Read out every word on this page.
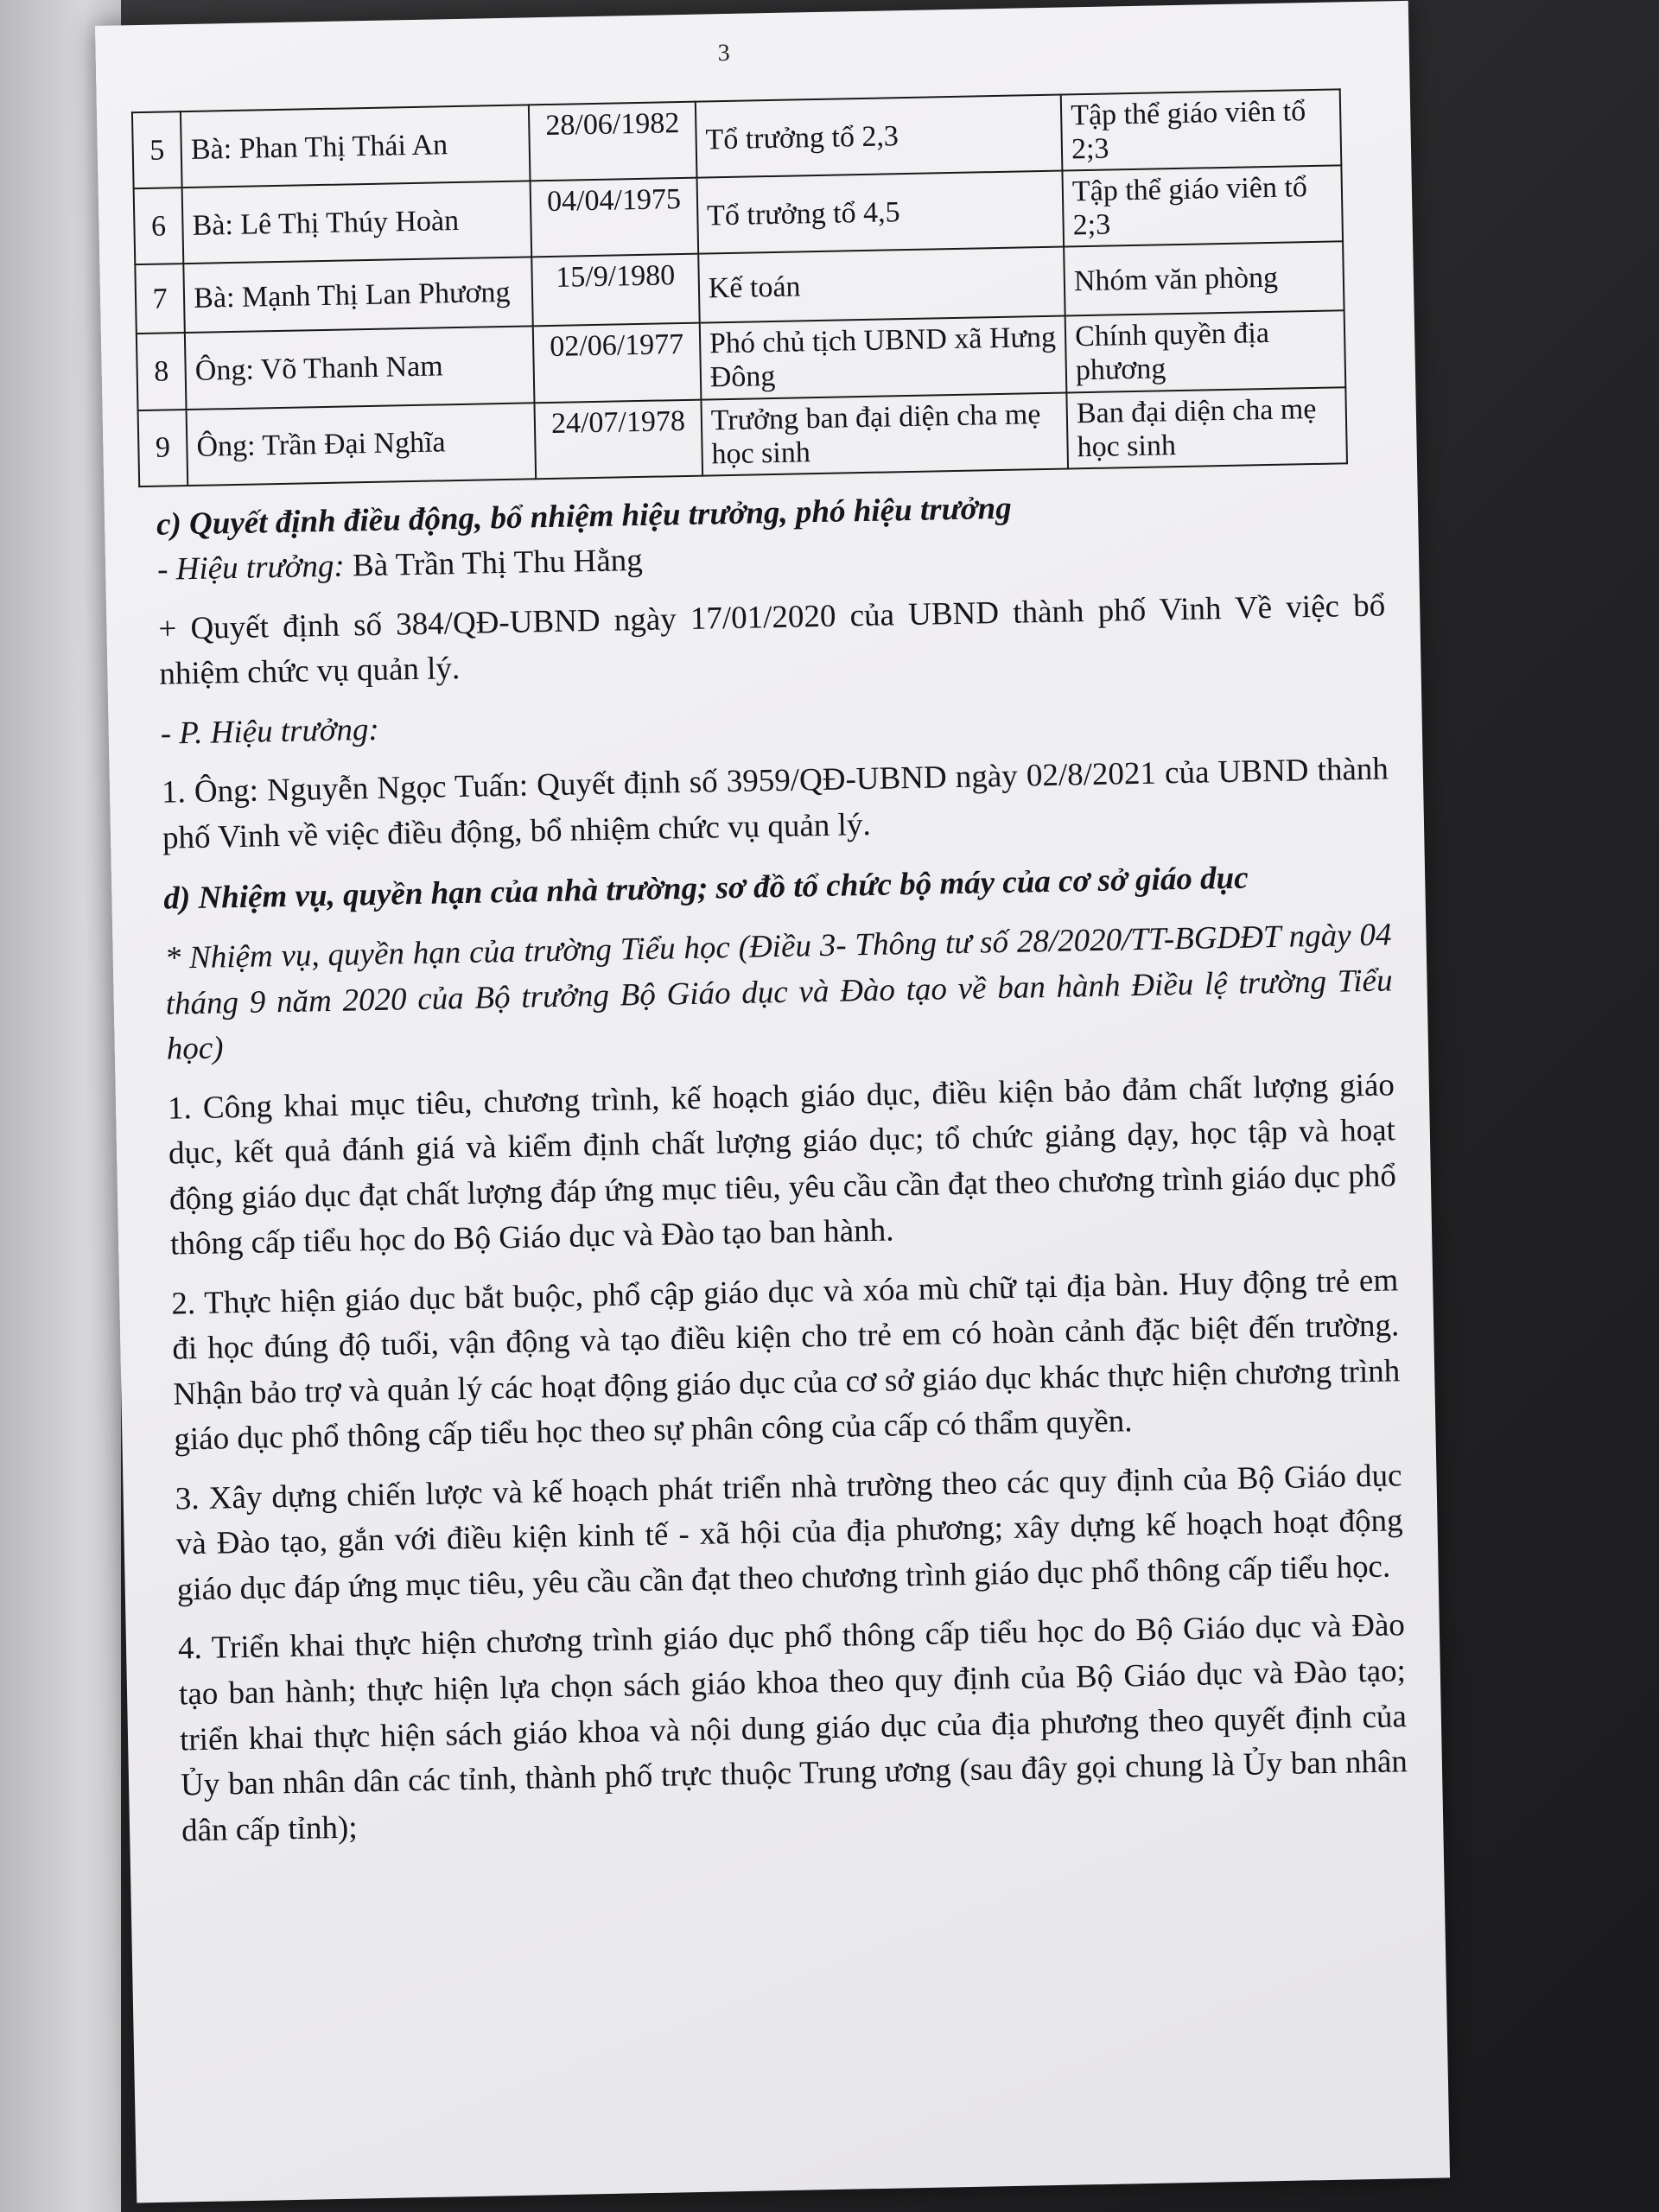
3
5	Bà: Phan Thị Thái An	28/06/1982	Tổ trưởng tổ 2,3	Tập thể giáo viên tổ 2;3
6	Bà: Lê Thị Thúy Hoàn	04/04/1975	Tổ trưởng tổ 4,5	Tập thể giáo viên tổ 2;3
7	Bà: Mạnh Thị Lan Phương	15/9/1980	Kế toán	Nhóm văn phòng
8	Ông: Võ Thanh Nam	02/06/1977	Phó chủ tịch UBND xã Hưng Đông	Chính quyền địa phương
9	Ông: Trần Đại Nghĩa	24/07/1978	Trưởng ban đại diện cha mẹ học sinh	Ban đại diện cha mẹ học sinh

c) Quyết định điều động, bổ nhiệm hiệu trưởng, phó hiệu trưởng

- Hiệu trưởng: Bà Trần Thị Thu Hằng

+ Quyết định số 384/QĐ-UBND ngày 17/01/2020 của UBND thành phố Vinh Về việc bổ nhiệm chức vụ quản lý.

- P. Hiệu trưởng:

1. Ông: Nguyễn Ngọc Tuấn: Quyết định số 3959/QĐ-UBND ngày 02/8/2021 của UBND thành phố Vinh về việc điều động, bổ nhiệm chức vụ quản lý.

d) Nhiệm vụ, quyền hạn của nhà trường; sơ đồ tổ chức bộ máy của cơ sở giáo dục

* Nhiệm vụ, quyền hạn của trường Tiểu học (Điều 3- Thông tư số 28/2020/TT-BGDĐT ngày 04 tháng 9 năm 2020 của Bộ trưởng Bộ Giáo dục và Đào tạo về ban hành Điều lệ trường Tiểu học)

1. Công khai mục tiêu, chương trình, kế hoạch giáo dục, điều kiện bảo đảm chất lượng giáo dục, kết quả đánh giá và kiểm định chất lượng giáo dục; tổ chức giảng dạy, học tập và hoạt động giáo dục đạt chất lượng đáp ứng mục tiêu, yêu cầu cần đạt theo chương trình giáo dục phổ thông cấp tiểu học do Bộ Giáo dục và Đào tạo ban hành.

2. Thực hiện giáo dục bắt buộc, phổ cập giáo dục và xóa mù chữ tại địa bàn. Huy động trẻ em đi học đúng độ tuổi, vận động và tạo điều kiện cho trẻ em có hoàn cảnh đặc biệt đến trường. Nhận bảo trợ và quản lý các hoạt động giáo dục của cơ sở giáo dục khác thực hiện chương trình giáo dục phổ thông cấp tiểu học theo sự phân công của cấp có thẩm quyền.

3. Xây dựng chiến lược và kế hoạch phát triển nhà trường theo các quy định của Bộ Giáo dục và Đào tạo, gắn với điều kiện kinh tế - xã hội của địa phương; xây dựng kế hoạch hoạt động giáo dục đáp ứng mục tiêu, yêu cầu cần đạt theo chương trình giáo dục phổ thông cấp tiểu học.

4. Triển khai thực hiện chương trình giáo dục phổ thông cấp tiểu học do Bộ Giáo dục và Đào tạo ban hành; thực hiện lựa chọn sách giáo khoa theo quy định của Bộ Giáo dục và Đào tạo; triển khai thực hiện sách giáo khoa và nội dung giáo dục của địa phương theo quyết định của Ủy ban nhân dân các tỉnh, thành phố trực thuộc Trung ương (sau đây gọi chung là Ủy ban nhân dân cấp tỉnh);
